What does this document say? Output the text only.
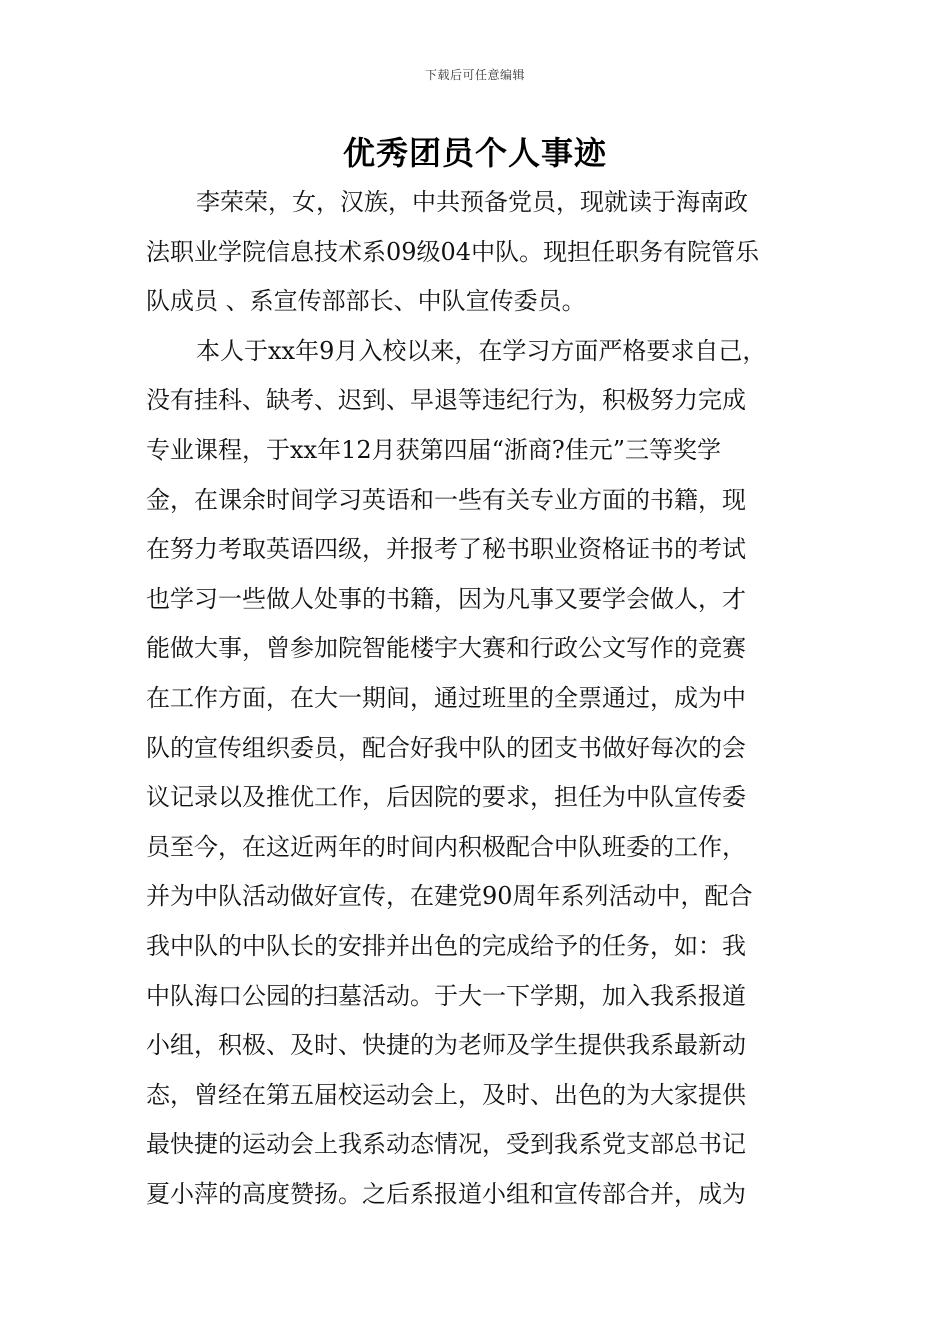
下载后可任意编辑
优秀团员个人事迹
李荣荣，女，汉族，中共预备党员，现就读于海南政
法职业学院信息技术系09级04中队。现担任职务有院管乐
队成员 、系宣传部部长、中队宣传委员。
本人于xx年9月入校以来，在学习方面严格要求自己，
没有挂科、缺考、迟到、早退等违纪行为，积极努力完成
专业课程，于xx年12月获第四届“浙商?佳元”三等奖学
金，在课余时间学习英语和一些有关专业方面的书籍，现
在努力考取英语四级，并报考了秘书职业资格证书的考试
也学习一些做人处事的书籍，因为凡事又要学会做人，才
能做大事，曾参加院智能楼宇大赛和行政公文写作的竞赛
在工作方面，在大一期间，通过班里的全票通过，成为中
队的宣传组织委员，配合好我中队的团支书做好每次的会
议记录以及推优工作，后因院的要求，担任为中队宣传委
员至今，在这近两年的时间内积极配合中队班委的工作，
并为中队活动做好宣传，在建党90周年系列活动中，配合
我中队的中队长的安排并出色的完成给予的任务，如：我
中队海口公园的扫墓活动。于大一下学期，加入我系报道
小组，积极、及时、快捷的为老师及学生提供我系最新动
态，曾经在第五届校运动会上，及时、出色的为大家提供
最快捷的运动会上我系动态情况，受到我系党支部总书记
夏小萍的高度赞扬。之后系报道小组和宣传部合并，成为
